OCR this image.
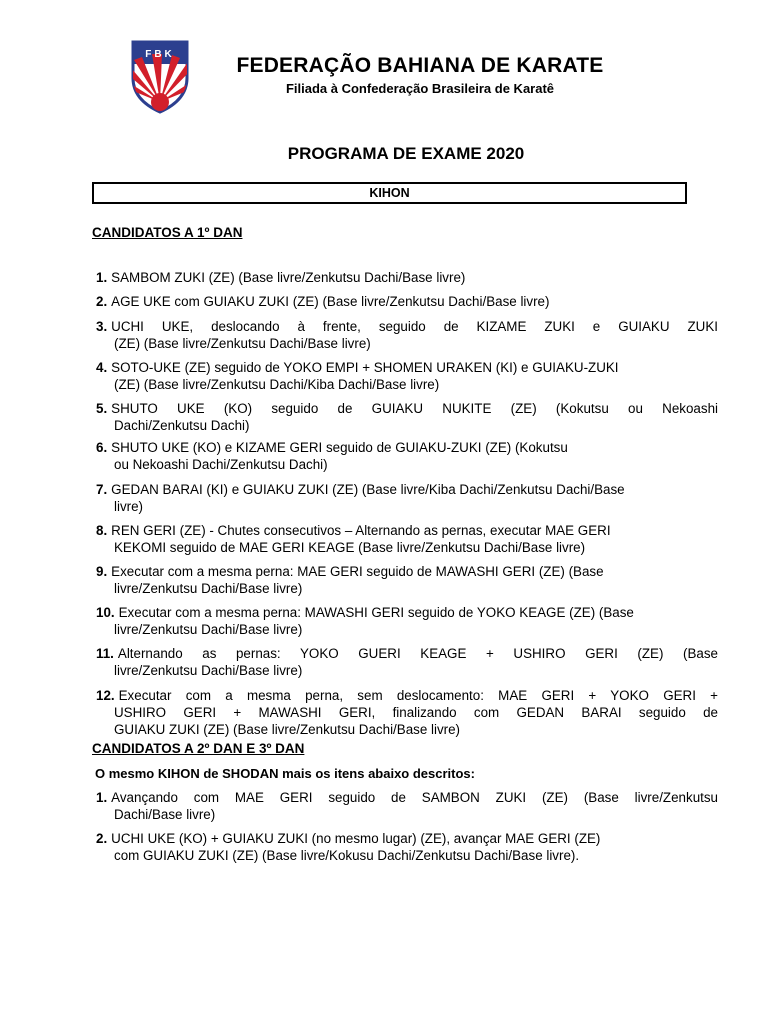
FBK	FEDERAÇÃO BAHIANA DE KARATE
Filiada à Confederação Brasileira de Karatê
PROGRAMA DE EXAME 2020
KIHON
CANDIDATOS A 1º DAN
1. SAMBOM ZUKI (ZE) (Base livre/Zenkutsu Dachi/Base livre)
2. AGE UKE com GUIAKU ZUKI (ZE) (Base livre/Zenkutsu Dachi/Base livre)
3. UCHI UKE, deslocando à frente, seguido de KIZAME ZUKI e GUIAKU ZUKI
(ZE) (Base livre/Zenkutsu Dachi/Base livre)
4. SOTO-UKE (ZE) seguido de YOKO EMPI + SHOMEN URAKEN (KI) e GUIAKU-ZUKI
(ZE) (Base livre/Zenkutsu Dachi/Kiba Dachi/Base livre)
5. SHUTO UKE (KO) seguido de GUIAKU NUKITE (ZE) (Kokutsu ou Nekoashi
Dachi/Zenkutsu Dachi)
6. SHUTO UKE (KO) e KIZAME GERI seguido de GUIAKU-ZUKI (ZE) (Kokutsu
ou Nekoashi Dachi/Zenkutsu Dachi)
7. GEDAN BARAI (KI) e GUIAKU ZUKI (ZE) (Base livre/Kiba Dachi/Zenkutsu Dachi/Base
livre)
8. REN GERI (ZE) - Chutes consecutivos – Alternando as pernas, executar MAE GERI
KEKOMI seguido de MAE GERI KEAGE (Base livre/Zenkutsu Dachi/Base livre)
9. Executar com a mesma perna: MAE GERI seguido de MAWASHI GERI (ZE) (Base
livre/Zenkutsu Dachi/Base livre)
10. Executar com a mesma perna: MAWASHI GERI seguido de YOKO KEAGE (ZE) (Base
livre/Zenkutsu Dachi/Base livre)
11. Alternando as pernas: YOKO GUERI KEAGE + USHIRO GERI (ZE) (Base
livre/Zenkutsu Dachi/Base livre)
12. Executar com a mesma perna, sem deslocamento: MAE GERI + YOKO GERI +
USHIRO GERI + MAWASHI GERI, finalizando com GEDAN BARAI seguido de
GUIAKU ZUKI (ZE) (Base livre/Zenkutsu Dachi/Base livre)
CANDIDATOS A 2º DAN E 3º DAN
O mesmo KIHON de SHODAN mais os itens abaixo descritos:
1. Avançando com MAE GERI seguido de SAMBON ZUKI (ZE) (Base livre/Zenkutsu
Dachi/Base livre)
2. UCHI UKE (KO) + GUIAKU ZUKI (no mesmo lugar) (ZE), avançar MAE GERI (ZE)
com GUIAKU ZUKI (ZE) (Base livre/Kokusu Dachi/Zenkutsu Dachi/Base livre).
